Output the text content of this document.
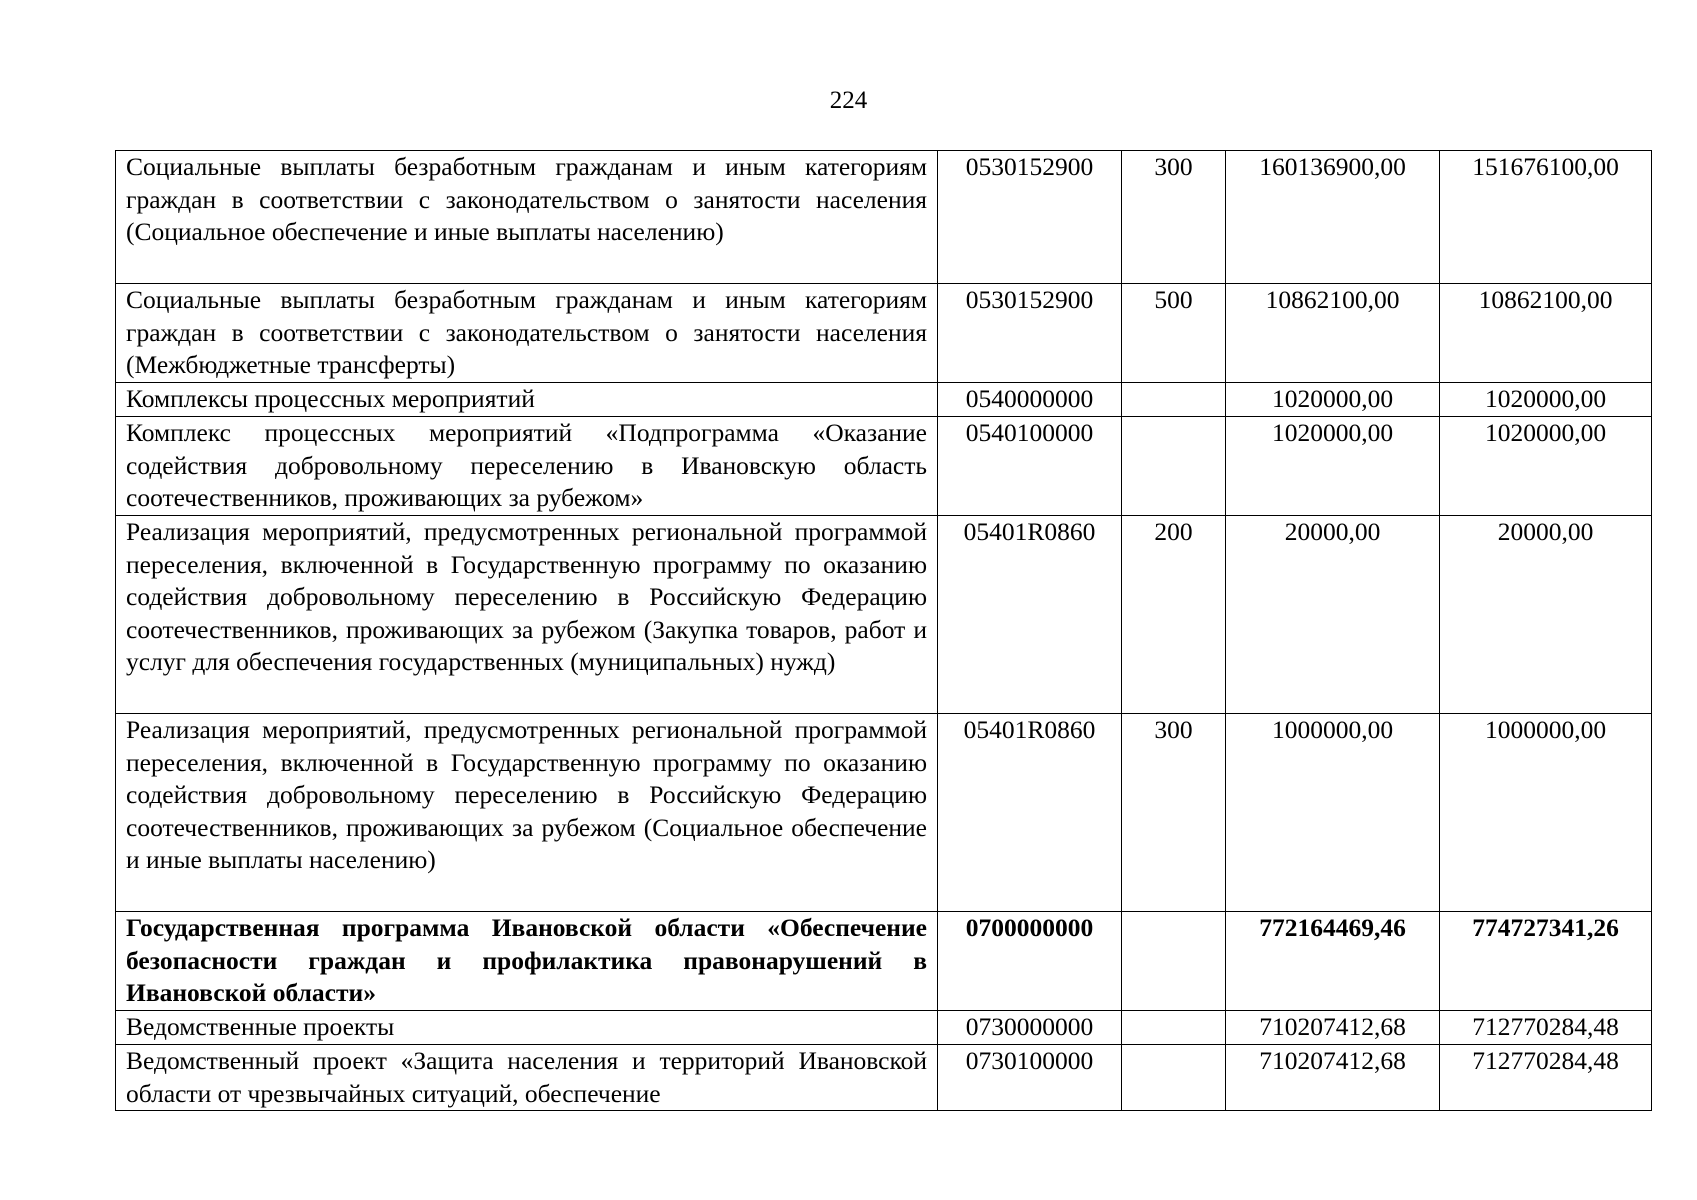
224
Социальные выплаты безработным гражданам и иным категориям граждан в соответствии с законодательством о занятости населения (Социальное обеспечение и иные выплаты населению)	0530152900	300	160136900,00	151676100,00
Социальные выплаты безработным гражданам и иным категориям граждан в соответствии с законодательством о занятости населения (Межбюджетные трансферты)	0530152900	500	10862100,00	10862100,00
Комплексы процессных мероприятий	0540000000		1020000,00	1020000,00
Комплекс процессных мероприятий «Подпрограмма «Оказание содействия добровольному переселению в Ивановскую область соотечественников, проживающих за рубежом»	0540100000		1020000,00	1020000,00
Реализация мероприятий, предусмотренных региональной программой переселения, включенной в Государственную программу по оказанию содействия добровольному переселению в Российскую Федерацию соотечественников, проживающих за рубежом (Закупка товаров, работ и услуг для обеспечения государственных (муниципальных) нужд)	05401R0860	200	20000,00	20000,00
Реализация мероприятий, предусмотренных региональной программой переселения, включенной в Государственную программу по оказанию содействия добровольному переселению в Российскую Федерацию соотечественников, проживающих за рубежом (Социальное обеспечение и иные выплаты населению)	05401R0860	300	1000000,00	1000000,00
Государственная программа Ивановской области «Обеспечение безопасности граждан и профилактика правонарушений в Ивановской области»	0700000000		772164469,46	774727341,26
Ведомственные проекты	0730000000		710207412,68	712770284,48
Ведомственный проект «Защита населения и территорий Ивановской области от чрезвычайных ситуаций, обеспечение	0730100000		710207412,68	712770284,48
